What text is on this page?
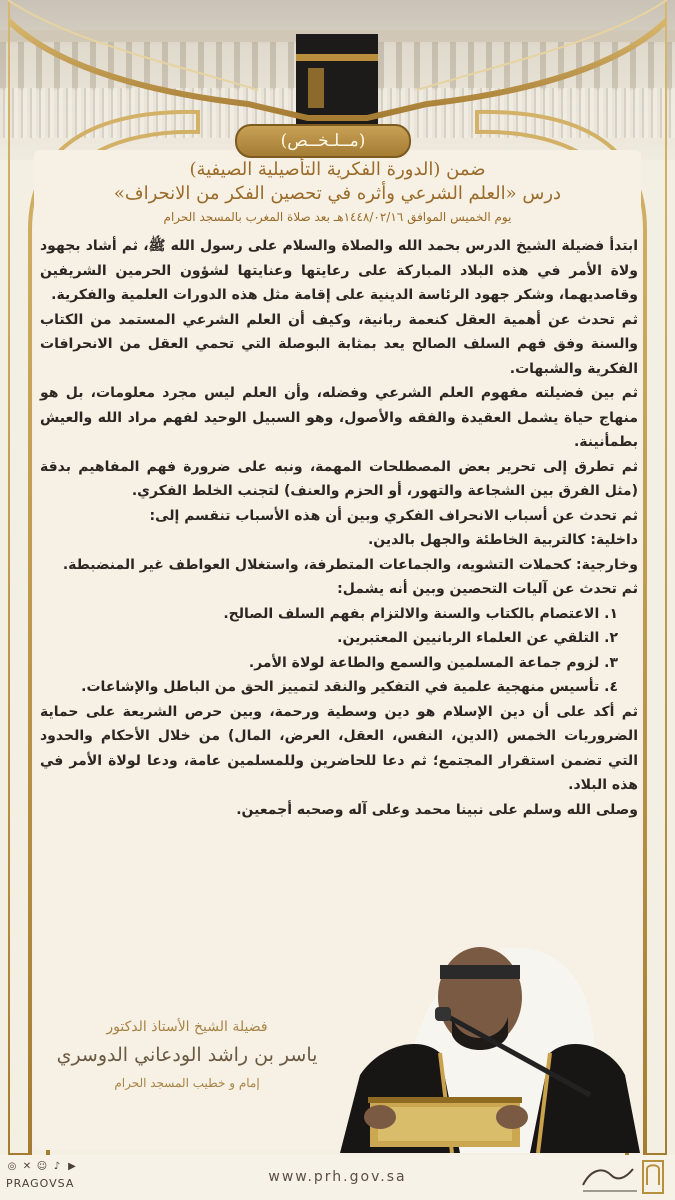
(مــلـخــص)

ضمن (الدورة الفكرية التأصيلية الصيفية)

درس «العلم الشرعي وأثره في تحصين الفكر من الانحراف»

يوم الخميس الموافق ١٤٤٨/٠٢/١٦هـ بعد صلاة المغرب بالمسجد الحرام

ابتدأ فضيلة الشيخ الدرس بحمد الله والصلاة والسلام على رسول الله ﷺ، ثم أشاد بجهود ولاة الأمر في هذه البلاد المباركة على رعايتها وعنايتها لشؤون الحرمين الشريفين وقاصديهما، وشكر جهود الرئاسة الدينية على إقامة مثل هذه الدورات العلمية والفكرية.

ثم تحدث عن أهمية العقل كنعمة ربانية، وكيف أن العلم الشرعي المستمد من الكتاب والسنة وفق فهم السلف الصالح يعد بمثابة البوصلة التي تحمي العقل من الانحرافات الفكرية والشبهات.

ثم بين فضيلته مفهوم العلم الشرعي وفضله، وأن العلم ليس مجرد معلومات، بل هو منهاج حياة يشمل العقيدة والفقه والأصول، وهو السبيل الوحيد لفهم مراد الله والعيش بطمأنينة.

ثم تطرق إلى تحرير بعض المصطلحات المهمة، ونبه على ضرورة فهم المفاهيم بدقة (مثل الفرق بين الشجاعة والتهور، أو الحزم والعنف) لتجنب الخلط الفكري.

ثم تحدث عن أسباب الانحراف الفكري وبين أن هذه الأسباب تنقسم إلى:

داخلية: كالتربية الخاطئة والجهل بالدين.

وخارجية: كحملات التشويه، والجماعات المتطرفة، واستغلال العواطف غير المنضبطة.

ثم تحدث عن آليات التحصين وبين أنه يشمل:

١. الاعتصام بالكتاب والسنة والالتزام بفهم السلف الصالح.
٢. التلقي عن العلماء الربانيين المعتبرين.
٣. لزوم جماعة المسلمين والسمع والطاعة لولاة الأمر.
٤. تأسيس منهجية علمية في التفكير والنقد لتمييز الحق من الباطل والإشاعات.

ثم أكد على أن دين الإسلام هو دين وسطية ورحمة، وبين حرص الشريعة على حماية الضروريات الخمس (الدين، النفس، العقل، العرض، المال) من خلال الأحكام والحدود التي تضمن استقرار المجتمع؛ ثم دعا للحاضرين وللمسلمين عامة، ودعا لولاة الأمر في هذه البلاد.

وصلى الله وسلم على نبينا محمد وعلى آله وصحبه أجمعين.

فضيلة الشيخ الأستاذ الدكتور
ياسر بن راشد الودعاني الدوسري
إمام و خطيب المسجد الحرام
◎ ✕ ☺ ♪ ▶
PRAGOVSA	www.prh.gov.sa
